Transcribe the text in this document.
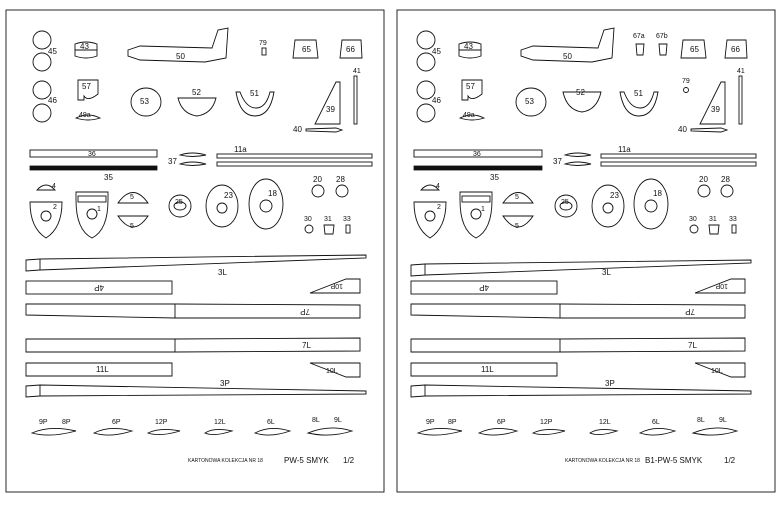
45
43
46
57
49a
50
79
65	66
41
53
52	51
39
40
36
35
37
11a
4
2	1
5
5
25
23	18
20 28
30 31 33
3L
4P	10P
7P
7L
11L	10L
3P
9P 8P	6P	12P	12L	6L	8L 9L
KARTONOWA KOLEKCJA NR 18	PW-5 SMYK 1/2
45
43
46
57
49a
50
67a 67b
65	66
41
79
53
52	51
39
40
36
35
37
11a
4
2	1
5
5
25
23	18
20 28
30 31 33
3L
4P	10P
7P
7L
11L	10L
3P
9P 8P	6P	12P	12L	6L	8L 9L
KARTONOWA KOLEKCJA NR 18 B1-PW-5 SMYK	1/2
